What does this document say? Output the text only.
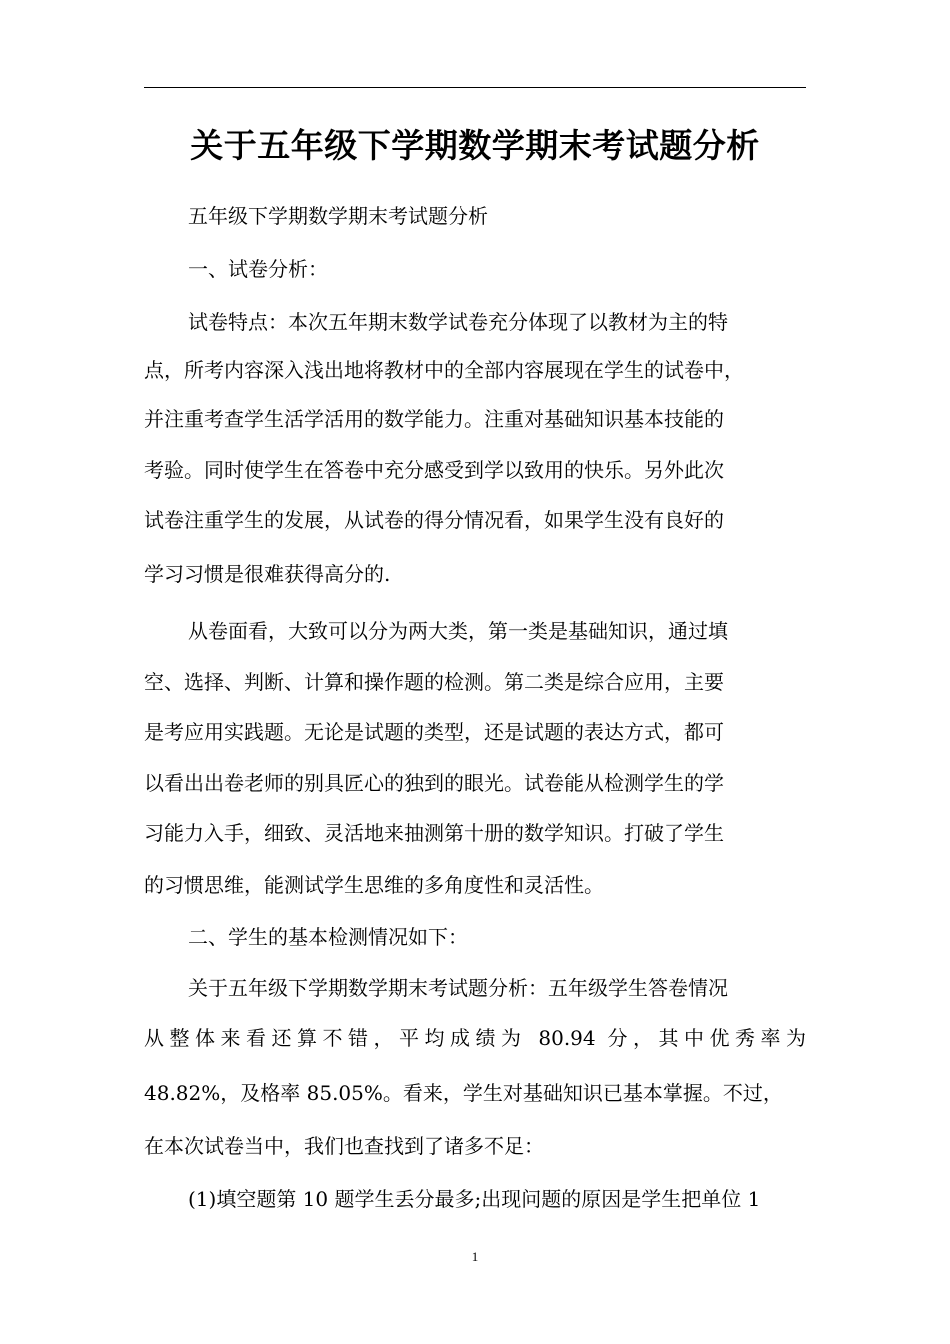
关于五年级下学期数学期末考试题分析
五年级下学期数学期末考试题分析
一、试卷分析：
试卷特点：本次五年期末数学试卷充分体现了以教材为主的特
点，所考内容深入浅出地将教材中的全部内容展现在学生的试卷中，
并注重考查学生活学活用的数学能力。注重对基础知识基本技能的
考验。同时使学生在答卷中充分感受到学以致用的快乐。另外此次
试卷注重学生的发展，从试卷的得分情况看，如果学生没有良好的
学习习惯是很难获得高分的.
从卷面看，大致可以分为两大类，第一类是基础知识，通过填
空、选择、判断、计算和操作题的检测。第二类是综合应用，主要
是考应用实践题。无论是试题的类型，还是试题的表达方式，都可
以看出出卷老师的别具匠心的独到的眼光。试卷能从检测学生的学
习能力入手，细致、灵活地来抽测第十册的数学知识。打破了学生
的习惯思维，能测试学生思维的多角度性和灵活性。
二、学生的基本检测情况如下：
关于五年级下学期数学期末考试题分析：五年级学生答卷情况
从整体来看还算不错，平均成绩为 80.94 分，其中优秀率为
48.82%，及格率 85.05%。看来，学生对基础知识已基本掌握。不过，
在本次试卷当中，我们也查找到了诸多不足：
(1)填空题第 10 题学生丢分最多;出现问题的原因是学生把单位 1
1
